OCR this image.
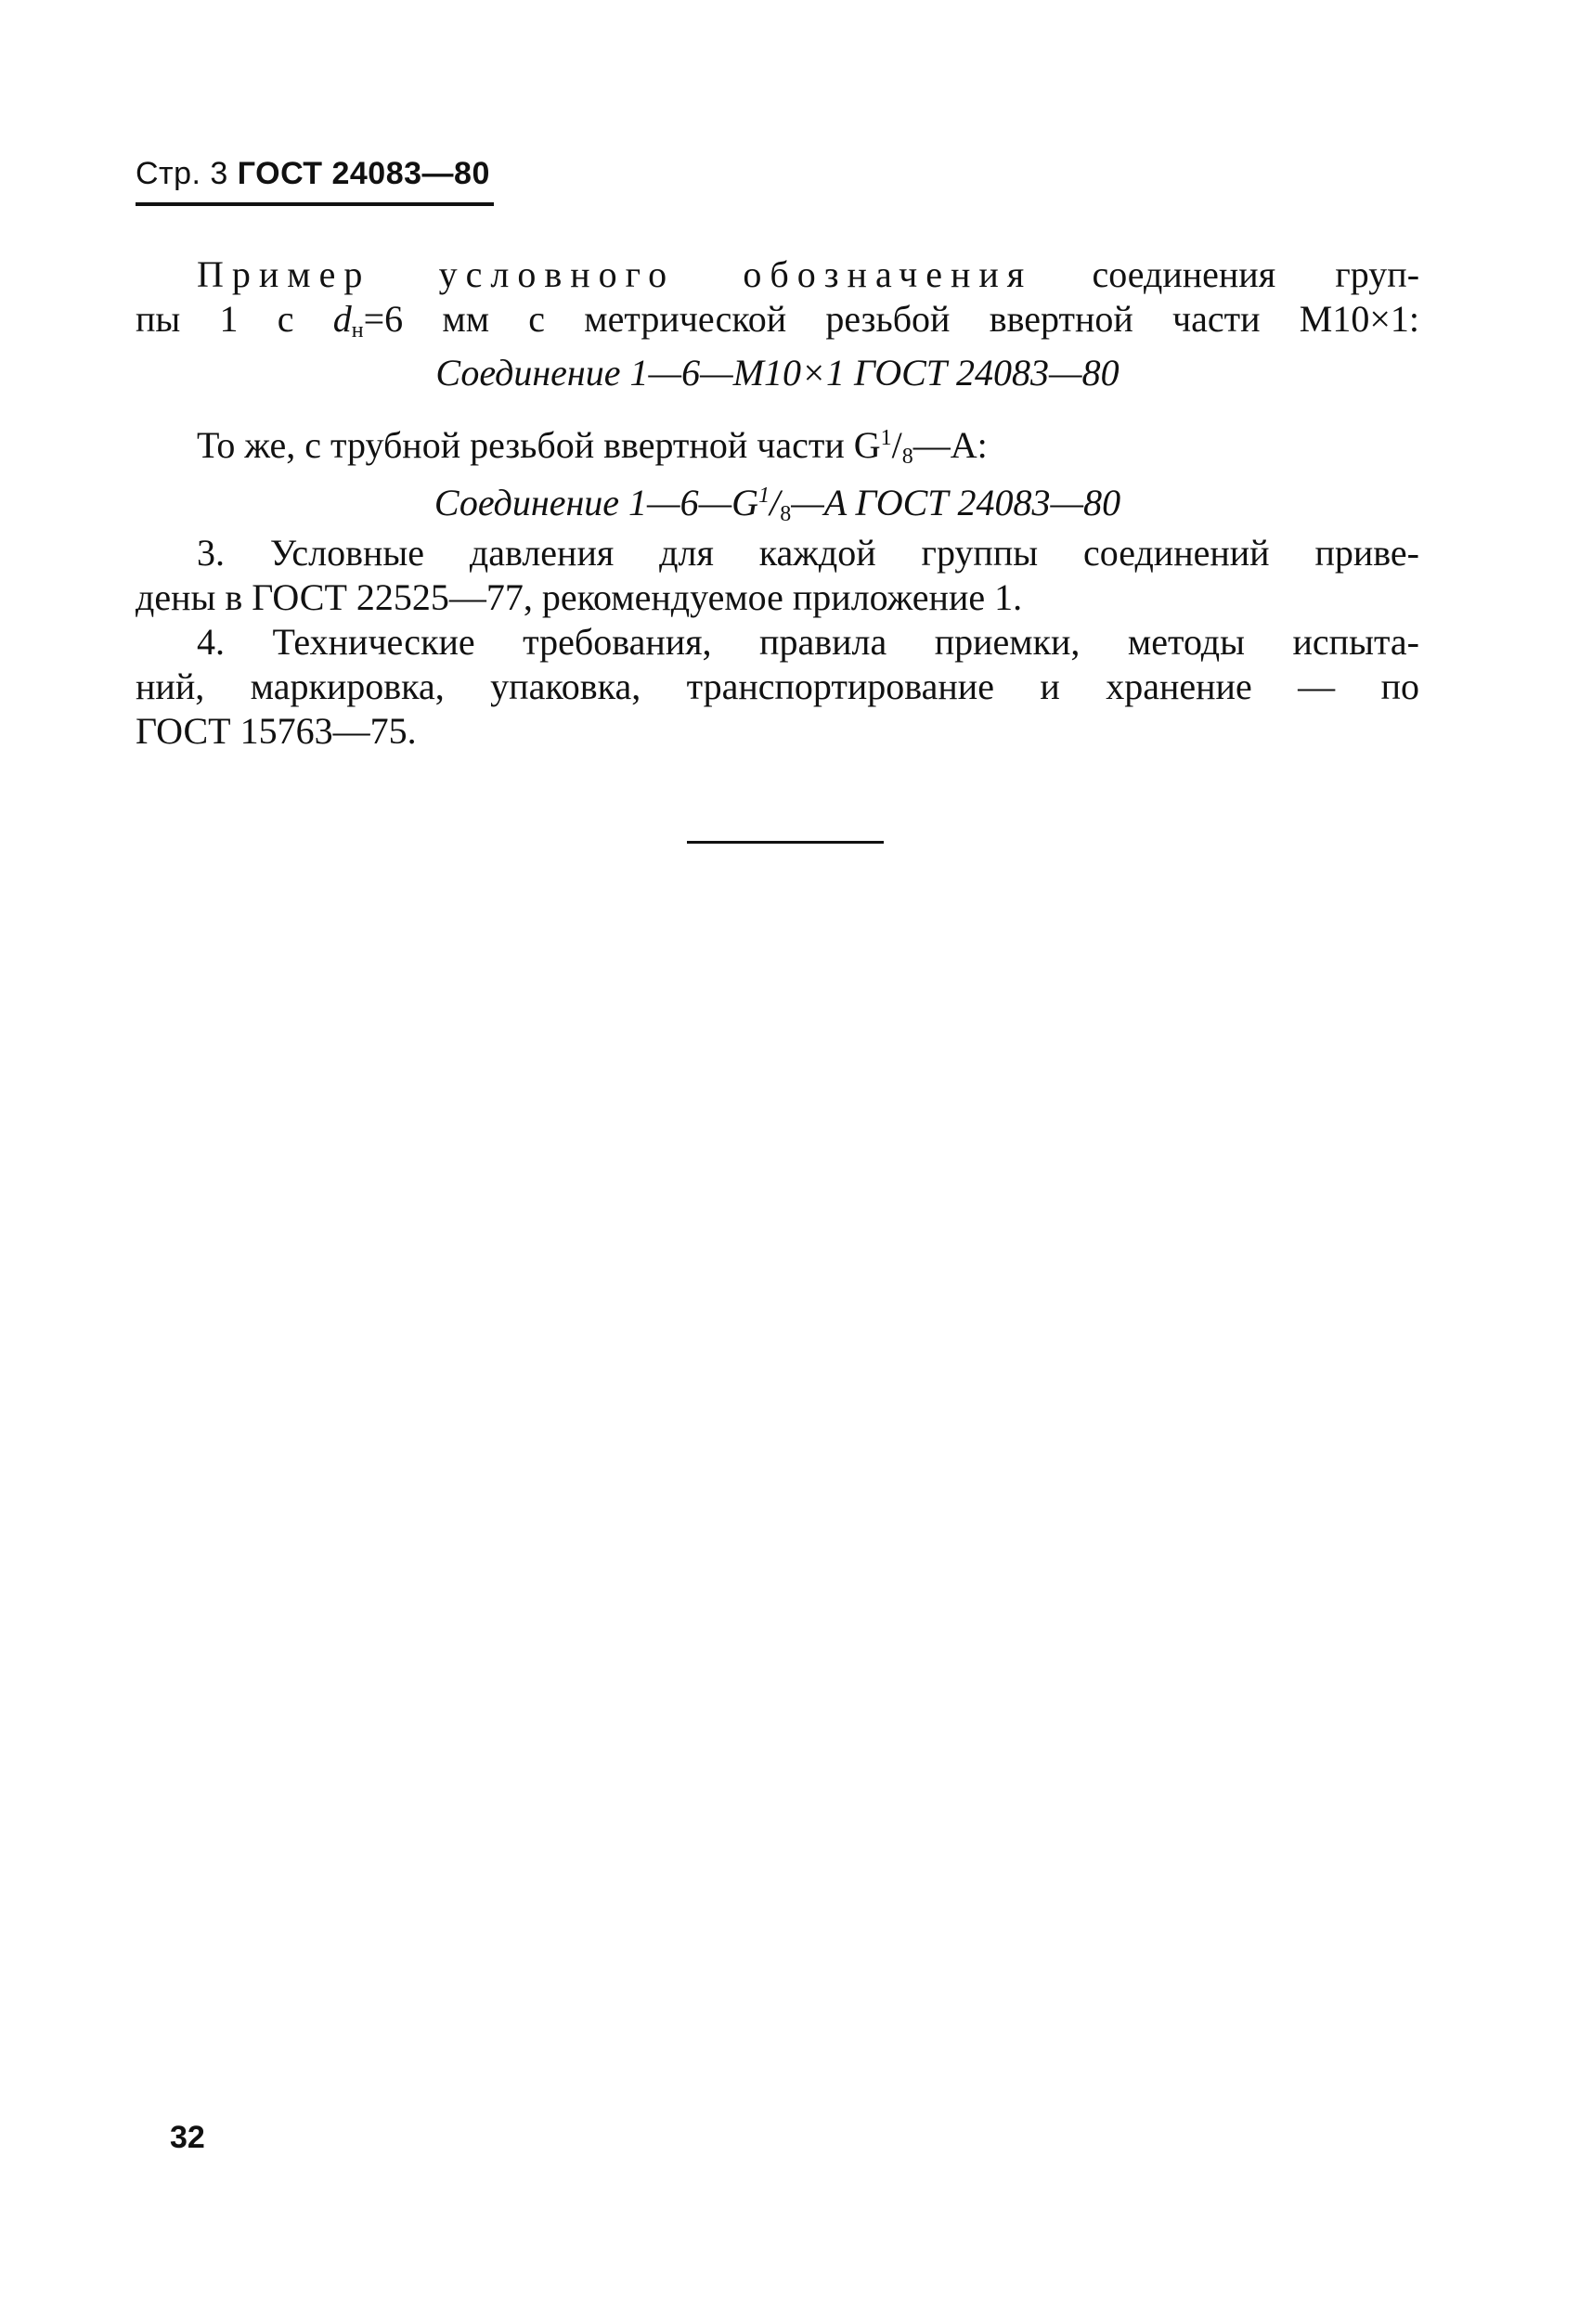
Стр. 3 ГОСТ 24083—80
Пример условного обозначения соединения груп-
пы 1 с $d_н=6$ мм с метрической резьбой ввертной части M10×1:
Соединение 1—6—M10×1 ГОСТ 24083—80
То же, с трубной резьбой ввертной части $G^1/_8—A$:
Соединение $1—6—G^1/_8—A$ ГОСТ 24083—80
3. Условные давления для каждой группы соединений приве-
дены в ГОСТ 22525—77, рекомендуемое приложение 1.
4. Технические требования, правила приемки, методы испыта-
ний, маркировка, упаковка, транспортирование и хранение — по
ГОСТ 15763—75.
32
